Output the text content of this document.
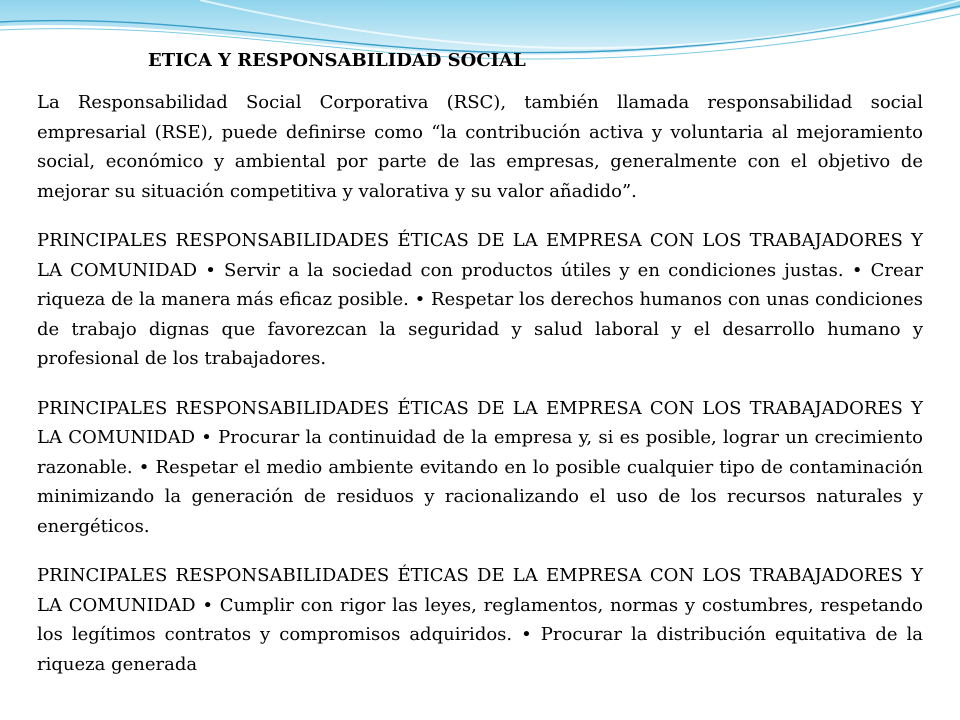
ETICA Y RESPONSABILIDAD SOCIAL

La Responsabilidad Social Corporativa (RSC), también llamada responsabilidad social empresarial (RSE), puede definirse como “la contribución activa y voluntaria al mejoramiento social, económico y ambiental por parte de las empresas, generalmente con el objetivo de mejorar su situación competitiva y valorativa y su valor añadido”.

PRINCIPALES RESPONSABILIDADES ÉTICAS DE LA EMPRESA CON LOS TRABAJADORES Y LA COMUNIDAD • Servir a la sociedad con productos útiles y en condiciones justas. • Crear riqueza de la manera más eficaz posible. • Respetar los derechos humanos con unas condiciones de trabajo dignas que favorezcan la seguridad y salud laboral y el desarrollo humano y profesional de los trabajadores.

PRINCIPALES RESPONSABILIDADES ÉTICAS DE LA EMPRESA CON LOS TRABAJADORES Y LA COMUNIDAD • Procurar la continuidad de la empresa y, si es posible, lograr un crecimiento razonable. • Respetar el medio ambiente evitando en lo posible cualquier tipo de contaminación minimizando la generación de residuos y racionalizando el uso de los recursos naturales y energéticos.

PRINCIPALES RESPONSABILIDADES ÉTICAS DE LA EMPRESA CON LOS TRABAJADORES Y LA COMUNIDAD • Cumplir con rigor las leyes, reglamentos, normas y costumbres, respetando los legítimos contratos y compromisos adquiridos. • Procurar la distribución equitativa de la riqueza generada
